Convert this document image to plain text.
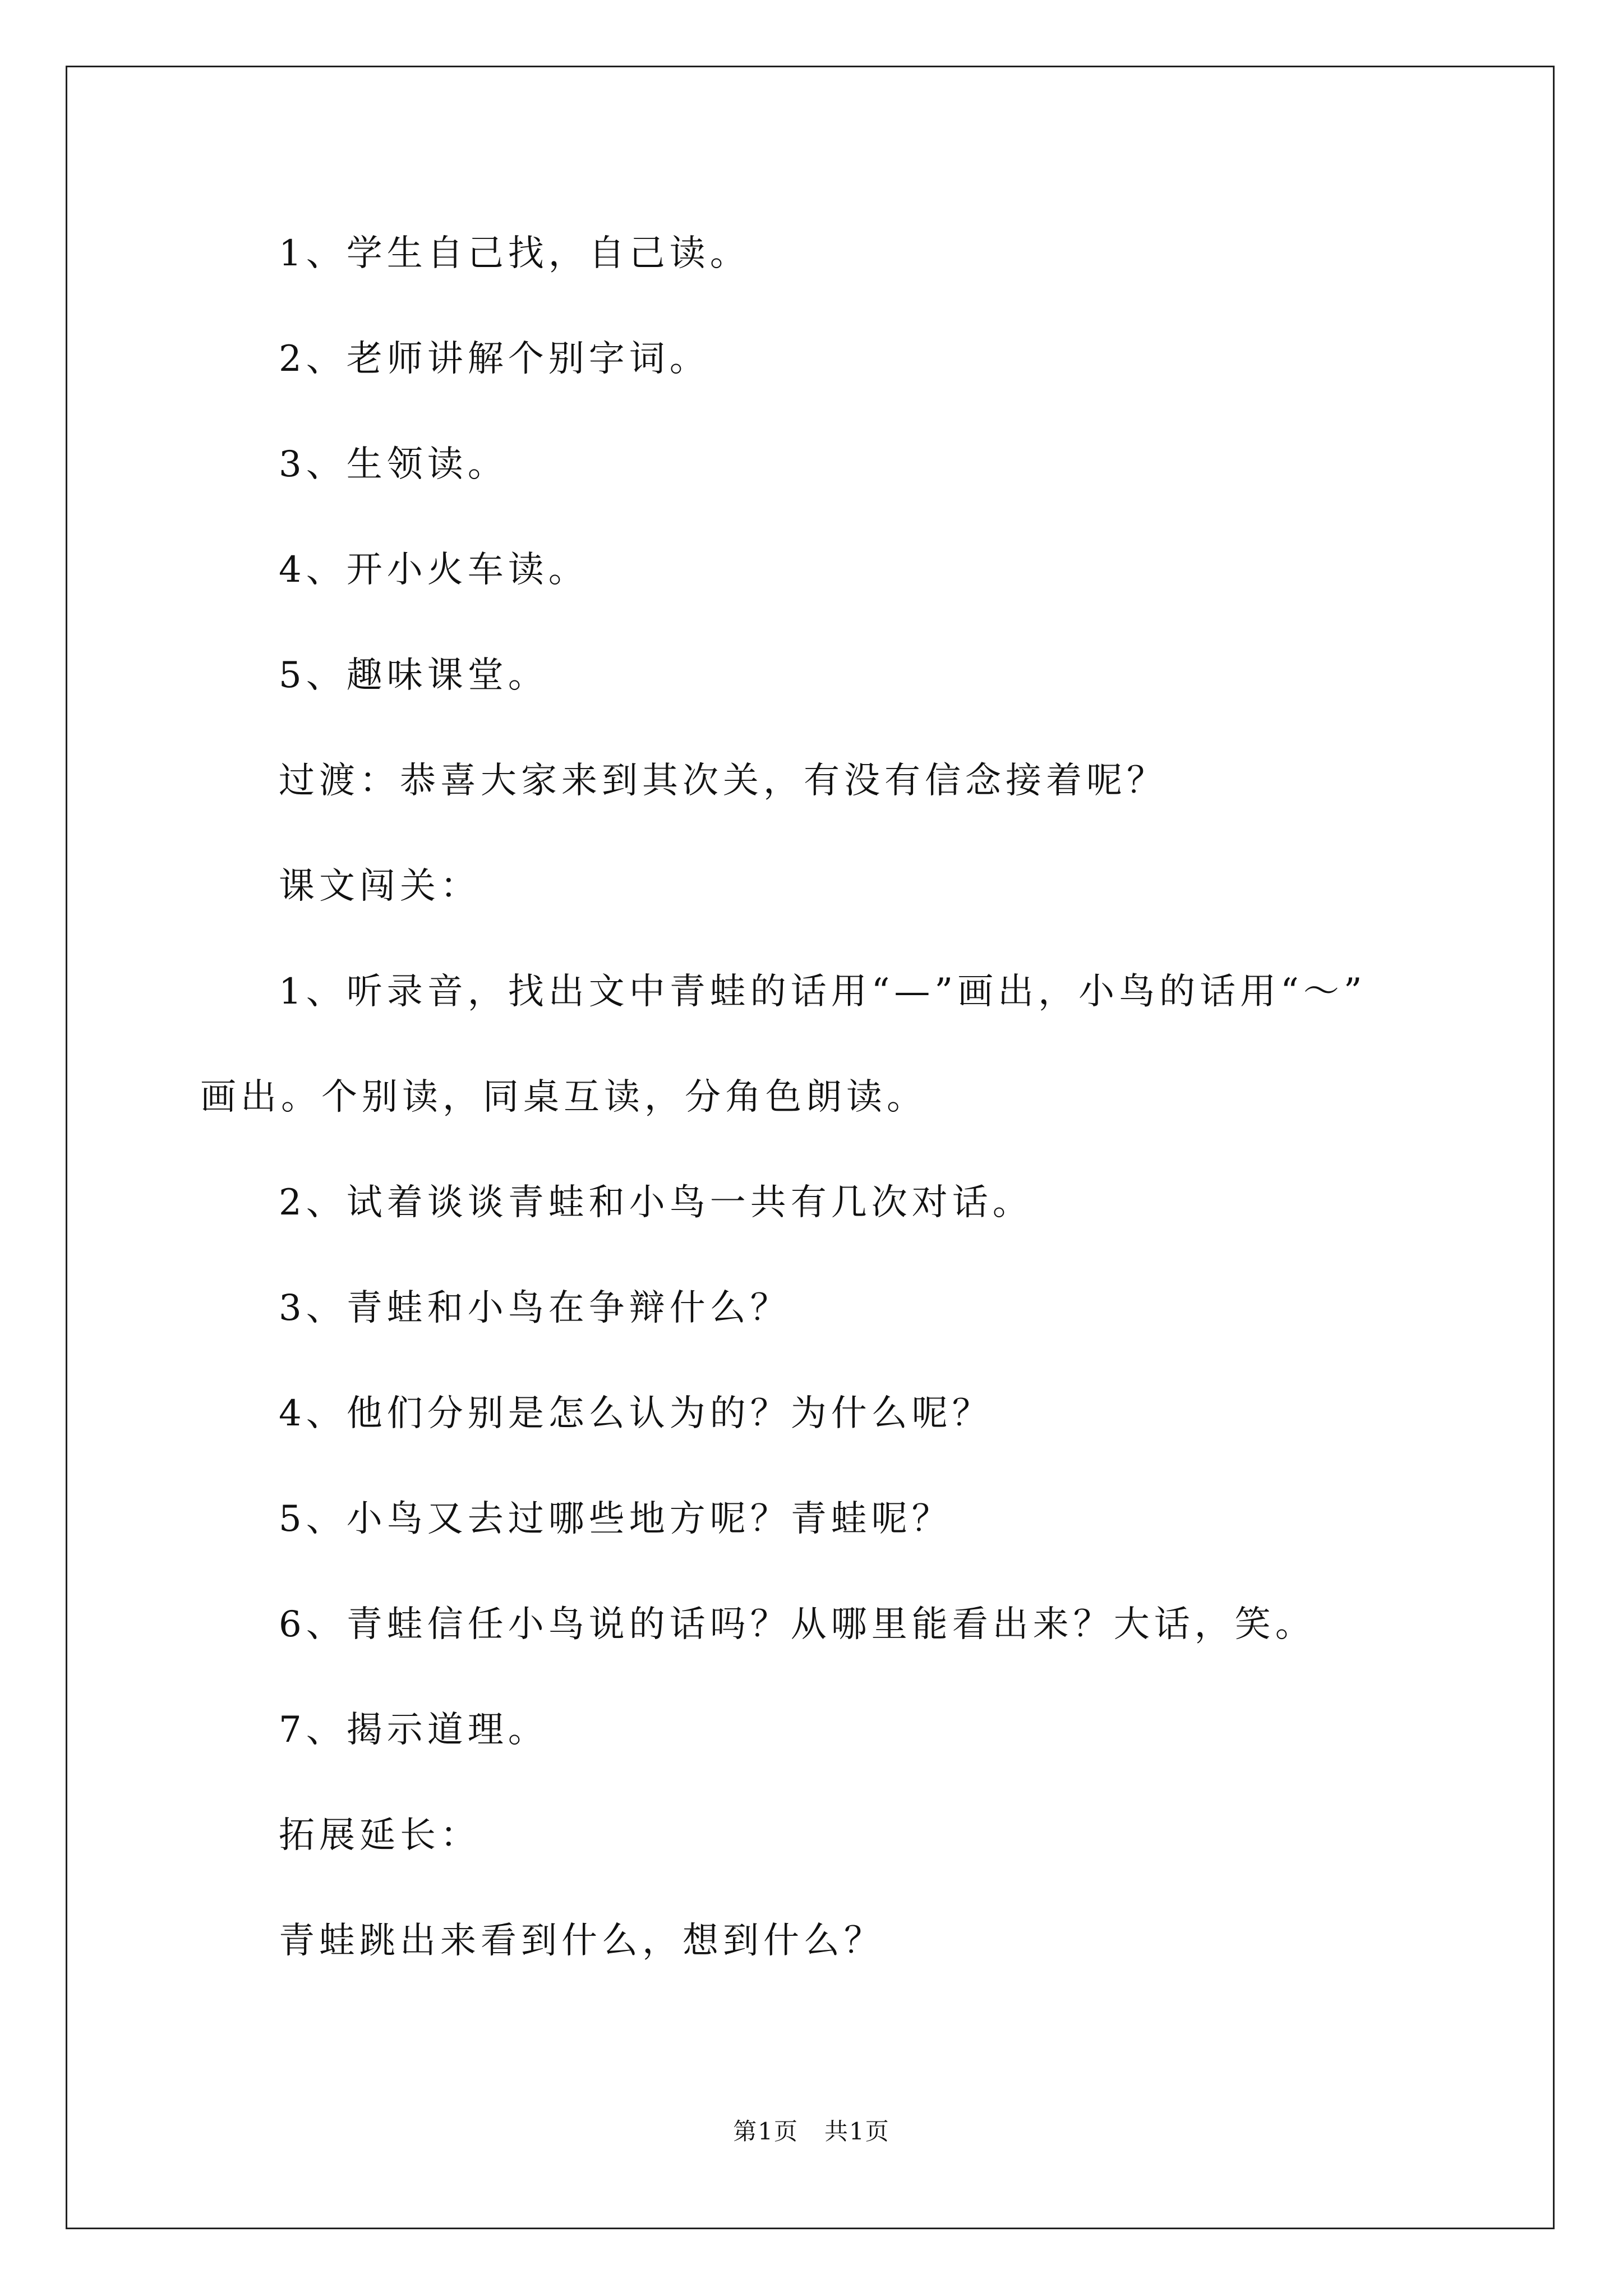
1、学生自己找，自己读。
2、老师讲解个别字词。
3、生领读。
4、开小火车读。
5、趣味课堂。
过渡：恭喜大家来到其次关，有没有信念接着呢？
课文闯关：
1、听录音，找出文中青蛙的话用“—”画出，小鸟的话用“～”
画出。个别读，同桌互读，分角色朗读。
2、试着谈谈青蛙和小鸟一共有几次对话。
3、青蛙和小鸟在争辩什么？
4、他们分别是怎么认为的？为什么呢？
5、小鸟又去过哪些地方呢？青蛙呢？
6、青蛙信任小鸟说的话吗？从哪里能看出来？大话，笑。
7、揭示道理。
拓展延长：
青蛙跳出来看到什么，想到什么？
第1页   共1页
